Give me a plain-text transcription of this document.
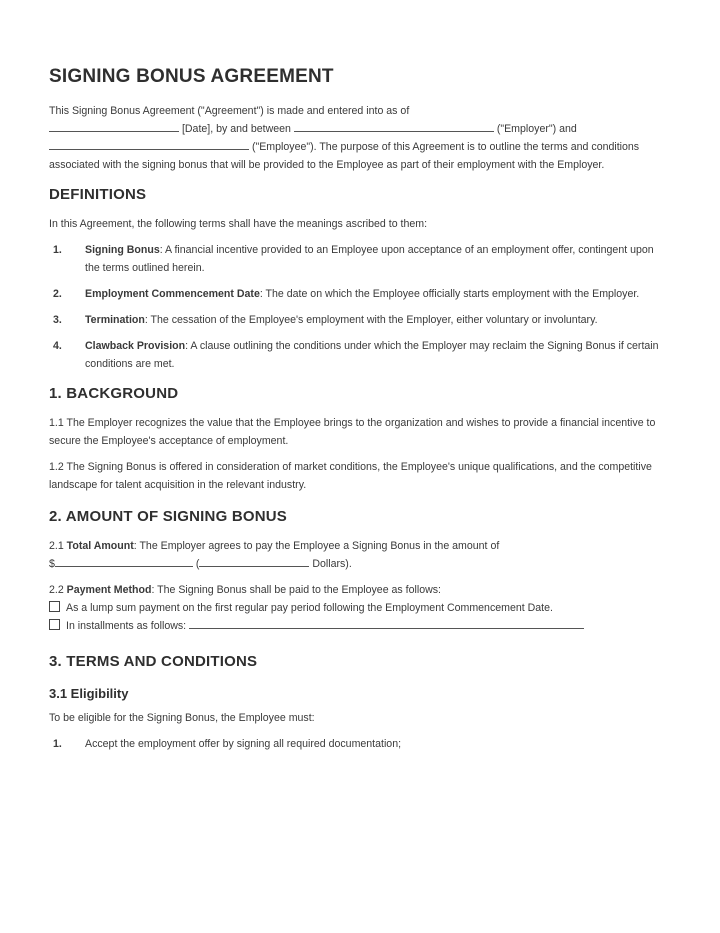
SIGNING BONUS AGREEMENT

This Signing Bonus Agreement ("Agreement") is made and entered into as of
[Date], by and between	("Employer") and
("Employee"). The purpose of this Agreement is to outline the terms and conditions associated with the signing bonus that will be provided to the Employee as part of their employment with the Employer.

DEFINITIONS

In this Agreement, the following terms shall have the meanings ascribed to them:

1.	Signing Bonus: A financial incentive provided to an Employee upon acceptance of an employment offer, contingent upon the terms outlined herein.
2.	Employment Commencement Date: The date on which the Employee officially starts employment with the Employer.
3.	Termination: The cessation of the Employee's employment with the Employer, either voluntary or involuntary.
4.	Clawback Provision: A clause outlining the conditions under which the Employer may reclaim the Signing Bonus if certain conditions are met.
1. BACKGROUND

1.1 The Employer recognizes the value that the Employee brings to the organization and wishes to provide a financial incentive to secure the Employee's acceptance of employment.

1.2 The Signing Bonus is offered in consideration of market conditions, the Employee's unique qualifications, and the competitive landscape for talent acquisition in the relevant industry.

2. AMOUNT OF SIGNING BONUS

2.1 Total Amount: The Employer agrees to pay the Employee a Signing Bonus in the amount of
$	(	Dollars).

2.2 Payment Method: The Signing Bonus shall be paid to the Employee as follows:

As a lump sum payment on the first regular pay period following the Employment Commencement Date.

In installments as follows:

3. TERMS AND CONDITIONS
3.1 Eligibility

To be eligible for the Signing Bonus, the Employee must:

1.	Accept the employment offer by signing all required documentation;
